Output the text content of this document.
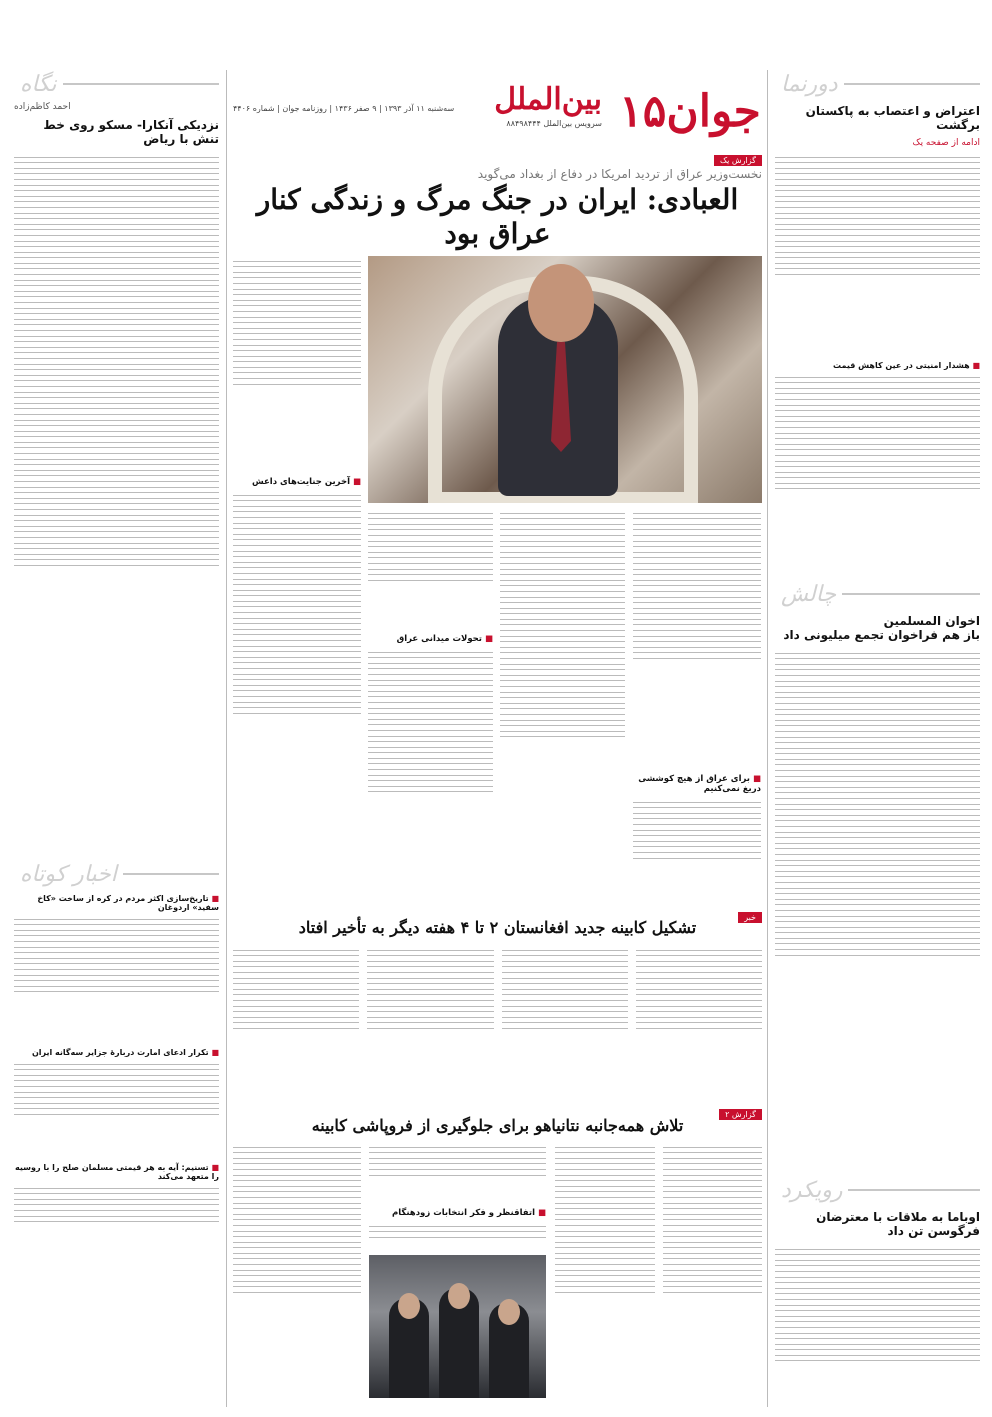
دورنما
اعتراض و اعتصاب به پاکستان برگشت
ادامه از صفحه یک
■ هشدار امنیتی در عین کاهش قیمت
چالش
اخوان المسلمین
باز هم فراخوان تجمع میلیونی داد
رویکرد
اوباما به ملاقات با معترضان فرگوسن تن داد
نگاه
احمد کاظم‌زاده
نزدیکی آنکارا- مسکو روی خط تنش با ریاض
اخبار کوتاه
■ تاریخ‌سازی اکثر مردم در کره از ساخت «کاخ سفید» اردوغان
■ تکرار ادعای امارت دربارۀ جزایر سه‌گانه ایران
■ تسنیم: آیه به هر قیمتی مسلمان صلح را با روسیه را متعهد می‌کند
جوان
۱۵
بین‌الملل
سرویس بین‌الملل ۸۸۴۹۸۴۴۴
سه‌شنبه ۱۱ آذر ۱۳۹۳ | ۹ صفر ۱۴۳۶ | روزنامه جوان | شماره ۴۴۰۶
گزارش یک
نخست‌وزیر عراق از تردید امریکا در دفاع از بغداد می‌گوید
العبادی: ایران در جنگ مرگ و زندگی کنار عراق بود
■ آخرین جنایت‌های داعش
■ تحولات میدانی عراق
■ برای عراق از هیچ کوششی دریغ نمی‌کنیم
خبر
تشکیل کابینه جدید افغانستان ۲ تا ۴ هفته دیگر به تأخیر افتاد
گزارش ۲
تلاش همه‌جانبه نتانیاهو برای جلوگیری از فروپاشی کابینه
■ اتفاقنظر و فکر انتخابات زودهنگام
